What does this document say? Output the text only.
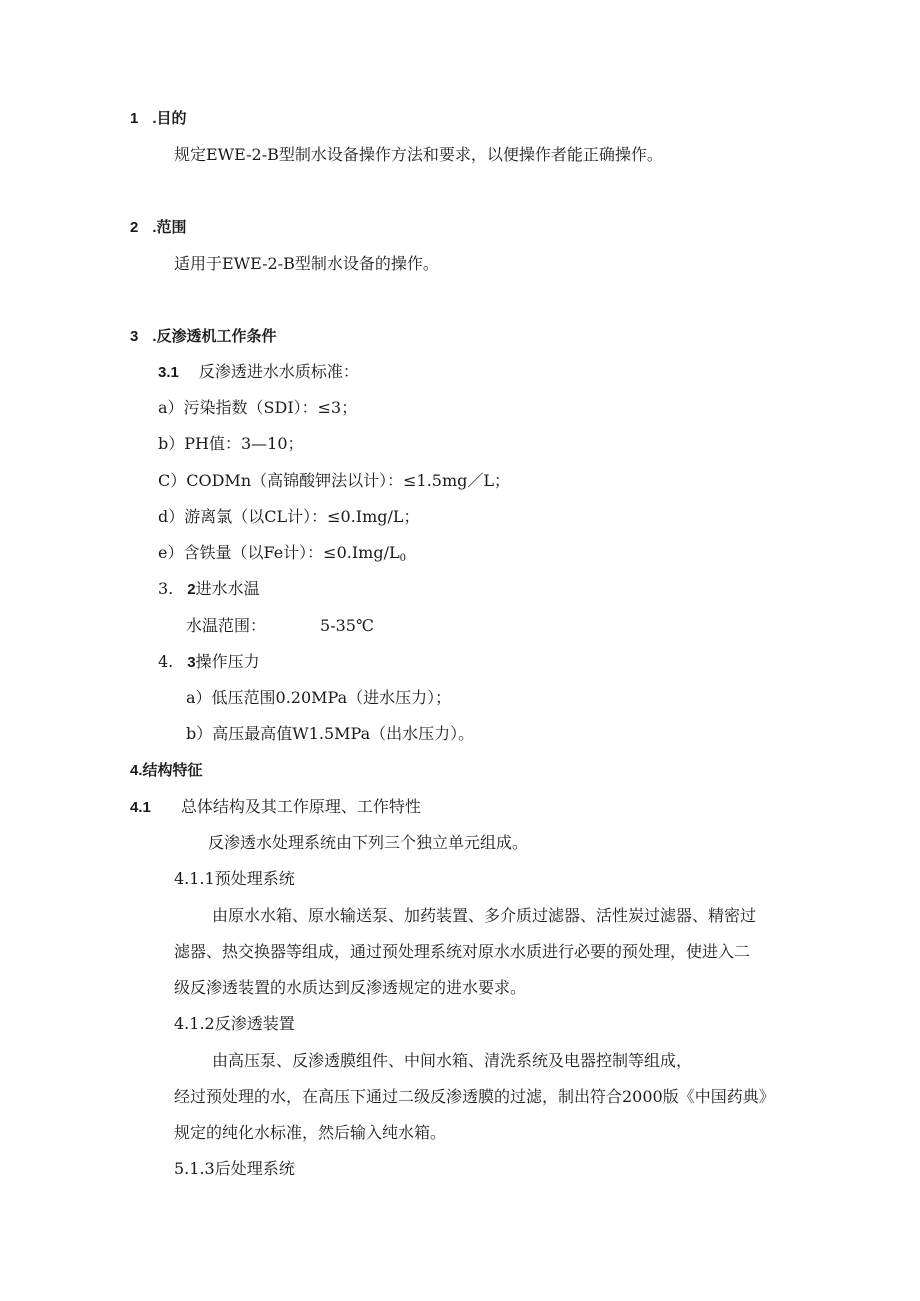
1 .目的
规定EWE-2-B型制水设备操作方法和要求，以便操作者能正确操作。
2 .范围
适用于EWE-2-B型制水设备的操作。
3 .反渗透机工作条件
3.1 反渗透进水水质标准：
a）污染指数（SDI）：≤3；
b）PH值：3—10；
C）CODMn（高锦酸钾法以计）：≤1.5mg／L；
d）游离氯（以CL计）：≤0.Img/L；
e）含铁量（以Fe计）：$\le 0.Img/L_0$
3. 2进水水温
水温范围：	5-35℃
4. 3操作压力
a）低压范围0.20MPa（进水压力）；
b）高压最高值W1.5MPa（出水压力）。
4.结构特征
4.1 总体结构及其工作原理、工作特性
反渗透水处理系统由下列三个独立单元组成。
4.1.1预处理系统
由原水水箱、原水输送泵、加药装置、多介质过滤器、活性炭过滤器、精密过
滤器、热交换器等组成，通过预处理系统对原水水质进行必要的预处理，使进入二
级反渗透装置的水质达到反渗透规定的进水要求。
4.1.2反渗透装置
由高压泵、反渗透膜组件、中间水箱、清洗系统及电器控制等组成，
经过预处理的水，在高压下通过二级反渗透膜的过滤，制出符合2000版《中国药典》
规定的纯化水标准，然后输入纯水箱。
5.1.3后处理系统
